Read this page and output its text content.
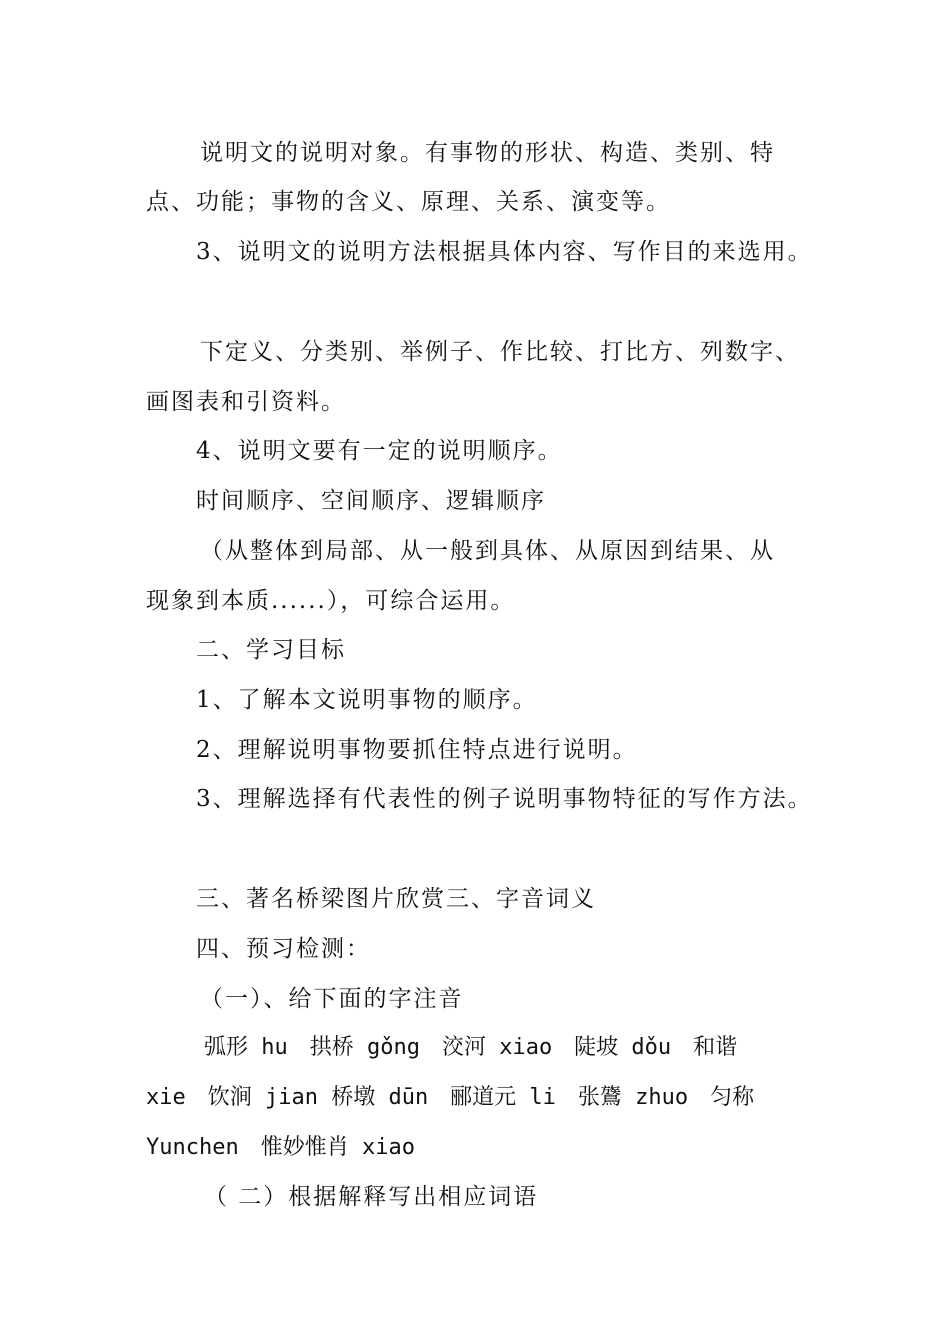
说明文的说明对象。有事物的形状、构造、类别、特
点、功能；事物的含义、原理、关系、演变等。
3、说明文的说明方法根据具体内容、写作目的来选用。
下定义、分类别、举例子、作比较、打比方、列数字、
画图表和引资料。
4、说明文要有一定的说明顺序。
时间顺序、空间顺序、逻辑顺序
（从整体到局部、从一般到具体、从原因到结果、从
现象到本质......），可综合运用。
二、学习目标
1、了解本文说明事物的顺序。
2、理解说明事物要抓住特点进行说明。
3、理解选择有代表性的例子说明事物特征的写作方法。
三、著名桥梁图片欣赏三、字音词义
四、预习检测：
（一）、给下面的字注音
弧形 hu　拱桥 gǒng　洨河 xiao　陡坡 dǒu　和谐
xie　饮涧 jian 桥墩 dūn　郦道元 li　张鷟 zhuo　匀称
Yunchen　惟妙惟肖 xiao
（ 二）根据解释写出相应词语
